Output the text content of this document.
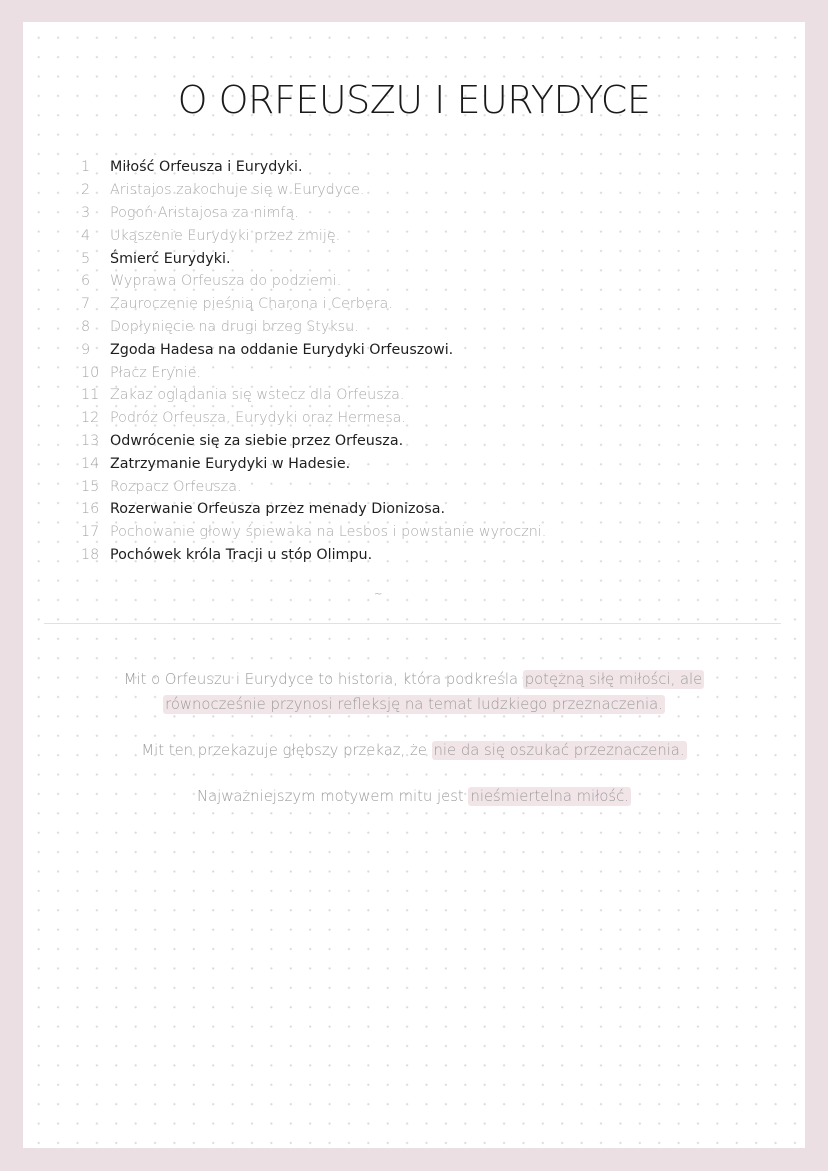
O ORFEUSZU I EURYDYCE
1	Miłość Orfeusza i Eurydyki.
2	Aristajos zakochuje się w Eurydyce.
3	Pogoń Aristajosa za nimfą.
4	Ukąszenie Eurydyki przez żmiję.
5	Śmierć Eurydyki.
6	Wyprawa Orfeusza do podziemi.
7	Zauroczenie pieśnią Charona i Cerbera.
8	Dopłynięcie na drugi brzeg Styksu.
9	Zgoda Hadesa na oddanie Eurydyki Orfeuszowi.
10 Płacz Erynie.
11 Zakaz oglądania się wstecz dla Orfeusza.
12 Podróż Orfeusza, Eurydyki oraz Hermesa.
13 Odwrócenie się za siebie przez Orfeusza.
14 Zatrzymanie Eurydyki w Hadesie.
15 Rozpacz Orfeusza.
16 Rozerwanie Orfeusza przez menady Dionizosa.
17 Pochowanie głowy śpiewaka na Lesbos i powstanie wyroczni.
18 Pochówek króla Tracji u stóp Olimpu.
~

Mit o Orfeuszu i Eurydyce to historia, która podkreśla potężną siłę miłości, ale
równocześnie przynosi refleksję na temat ludzkiego przeznaczenia.

Mit ten przekazuje głębszy przekaz, że nie da się oszukać przeznaczenia.

Najważniejszym motywem mitu jest nieśmiertelna miłość.
